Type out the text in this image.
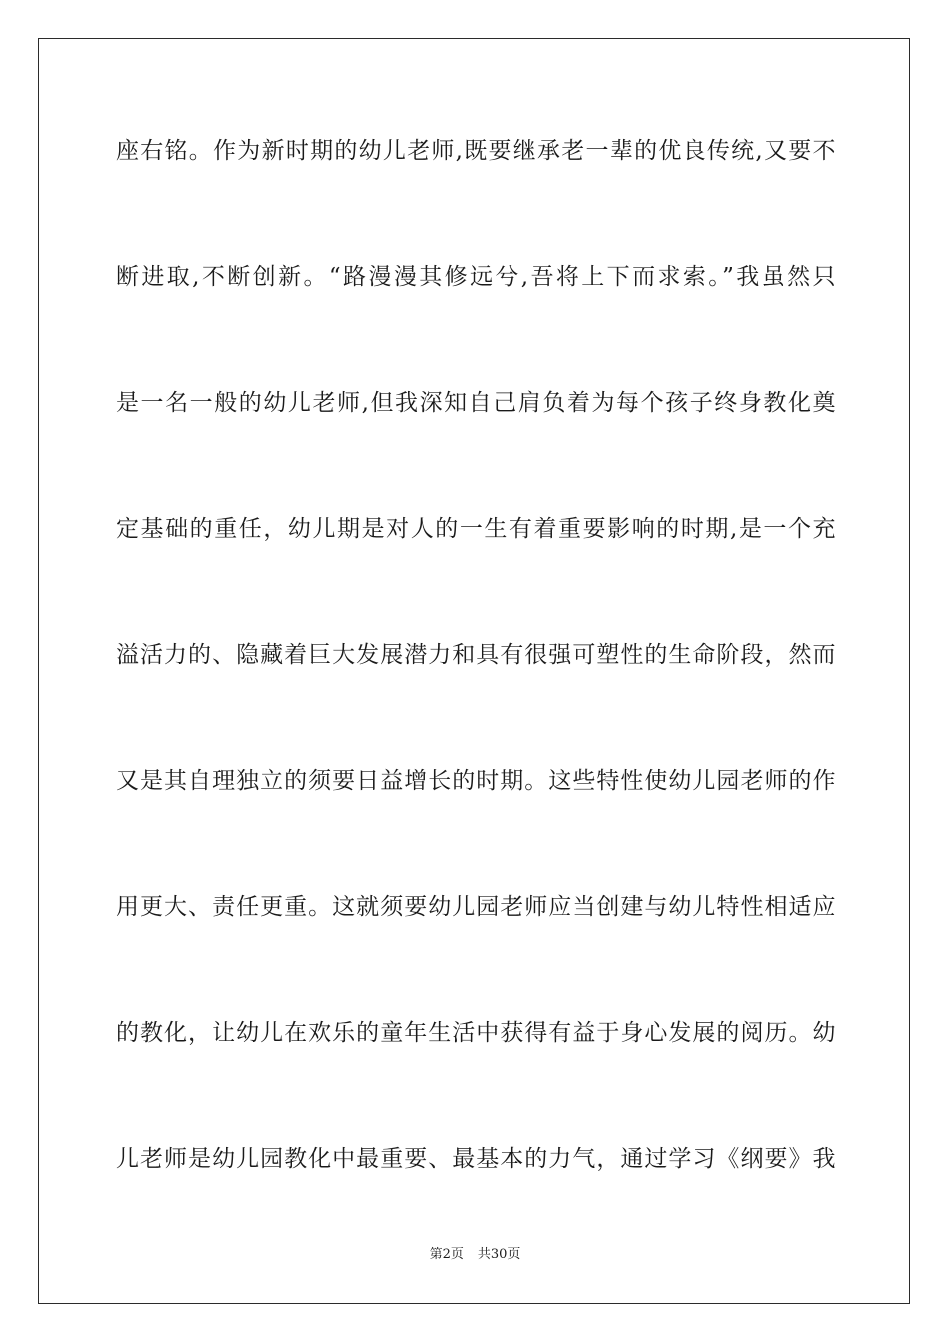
座右铭。作为新时期的幼儿老师,既要继承老一辈的优良传统,又要不
断进取,不断创新。“路漫漫其修远兮,吾将上下而求索。”我虽然只
是一名一般的幼儿老师,但我深知自己肩负着为每个孩子终身教化奠
定基础的重任，幼儿期是对人的一生有着重要影响的时期,是一个充
溢活力的、隐藏着巨大发展潜力和具有很强可塑性的生命阶段，然而
又是其自理独立的须要日益增长的时期。这些特性使幼儿园老师的作
用更大、责任更重。这就须要幼儿园老师应当创建与幼儿特性相适应
的教化，让幼儿在欢乐的童年生活中获得有益于身心发展的阅历。幼
儿老师是幼儿园教化中最重要、最基本的力气，通过学习《纲要》我
第2页 共30页
